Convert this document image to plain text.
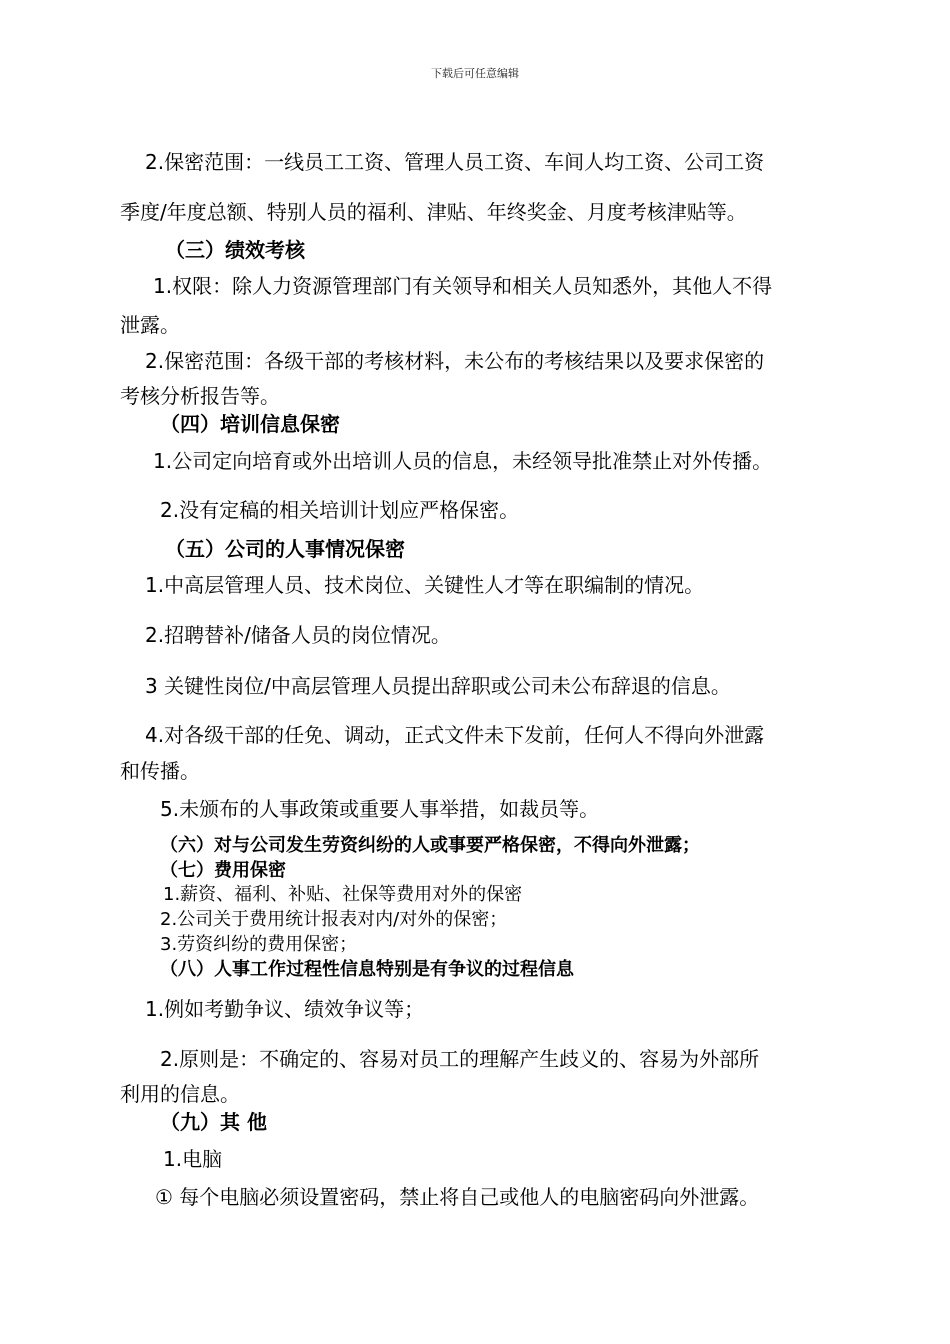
下载后可任意编辑
2.保密范围：一线员工工资、管理人员工资、车间人均工资、公司工资
季度/年度总额、特别人员的福利、津贴、年终奖金、月度考核津贴等。
（三）绩效考核
1.权限：除人力资源管理部门有关领导和相关人员知悉外，其他人不得
泄露。
2.保密范围：各级干部的考核材料，未公布的考核结果以及要求保密的
考核分析报告等。
（四）培训信息保密
1.公司定向培育或外出培训人员的信息，未经领导批准禁止对外传播。
2.没有定稿的相关培训计划应严格保密。
（五）公司的人事情况保密
1.中高层管理人员、技术岗位、关键性人才等在职编制的情况。
2.招聘替补/储备人员的岗位情况。
3 关键性岗位/中高层管理人员提出辞职或公司未公布辞退的信息。
4.对各级干部的任免、调动，正式文件未下发前，任何人不得向外泄露
和传播。
5.未颁布的人事政策或重要人事举措，如裁员等。
（六）对与公司发生劳资纠纷的人或事要严格保密，不得向外泄露；
（七）费用保密
1.薪资、福利、补贴、社保等费用对外的保密
2.公司关于费用统计报表对内/对外的保密；
3.劳资纠纷的费用保密；
（八）人事工作过程性信息特别是有争议的过程信息
1.例如考勤争议、绩效争议等；
2.原则是：不确定的、容易对员工的理解产生歧义的、容易为外部所
利用的信息。
（九）其 他
1.电脑
① 每个电脑必须设置密码，禁止将自己或他人的电脑密码向外泄露。
